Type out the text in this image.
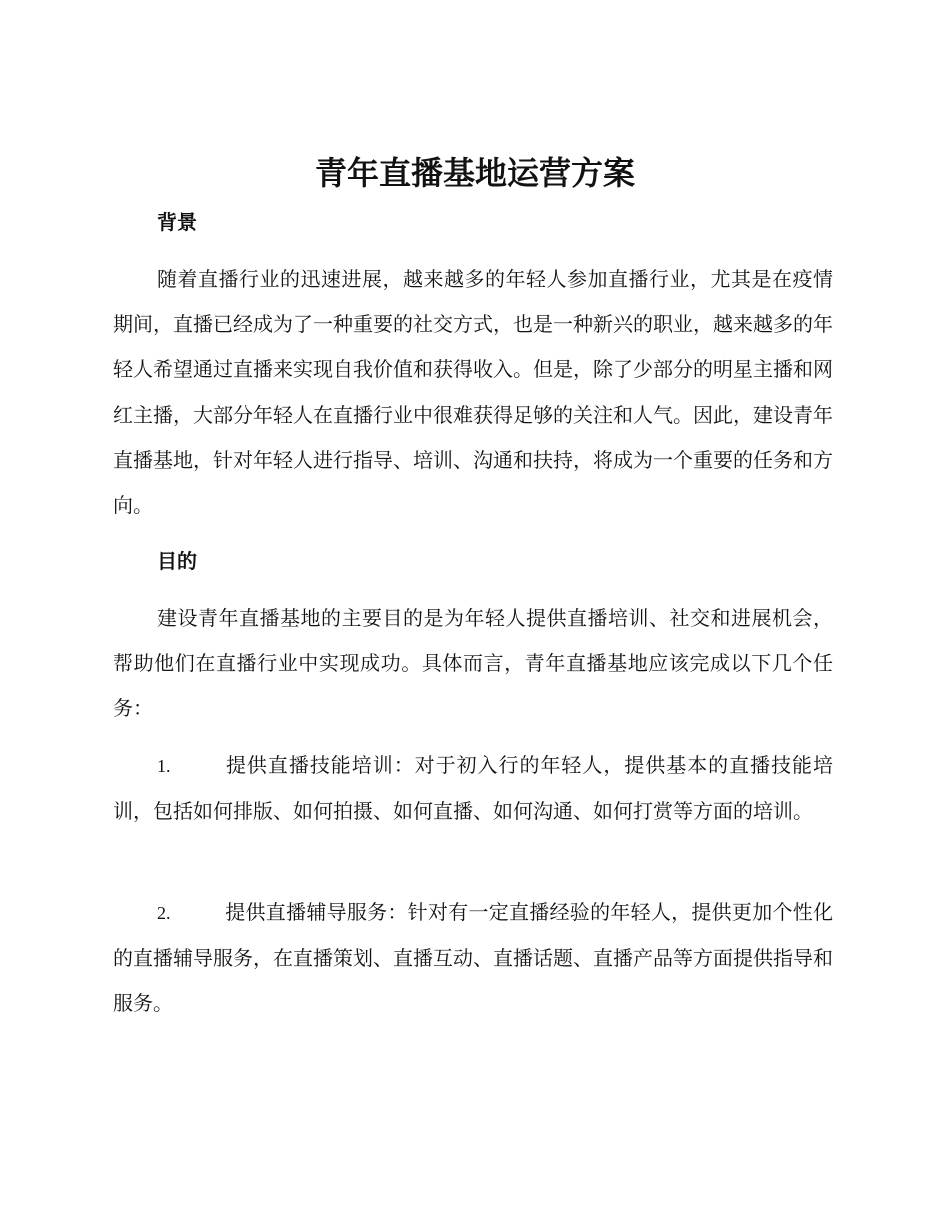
青年直播基地运营方案
背景

随着直播行业的迅速进展，越来越多的年轻人参加直播行业，尤其是在疫情期间，直播已经成为了一种重要的社交方式，也是一种新兴的职业，越来越多的年轻人希望通过直播来实现自我价值和获得收入。但是，除了少部分的明星主播和网红主播，大部分年轻人在直播行业中很难获得足够的关注和人气。因此，建设青年直播基地，针对年轻人进行指导、培训、沟通和扶持，将成为一个重要的任务和方向。

目的

建设青年直播基地的主要目的是为年轻人提供直播培训、社交和进展机会，帮助他们在直播行业中实现成功。具体而言，青年直播基地应该完成以下几个任务：

1.	提供直播技能培训：对于初入行的年轻人，提供基本的直播技能培训，包括如何排版、如何拍摄、如何直播、如何沟通、如何打赏等方面的培训。

2.	提供直播辅导服务：针对有一定直播经验的年轻人，提供更加个性化的直播辅导服务，在直播策划、直播互动、直播话题、直播产品等方面提供指导和服务。
